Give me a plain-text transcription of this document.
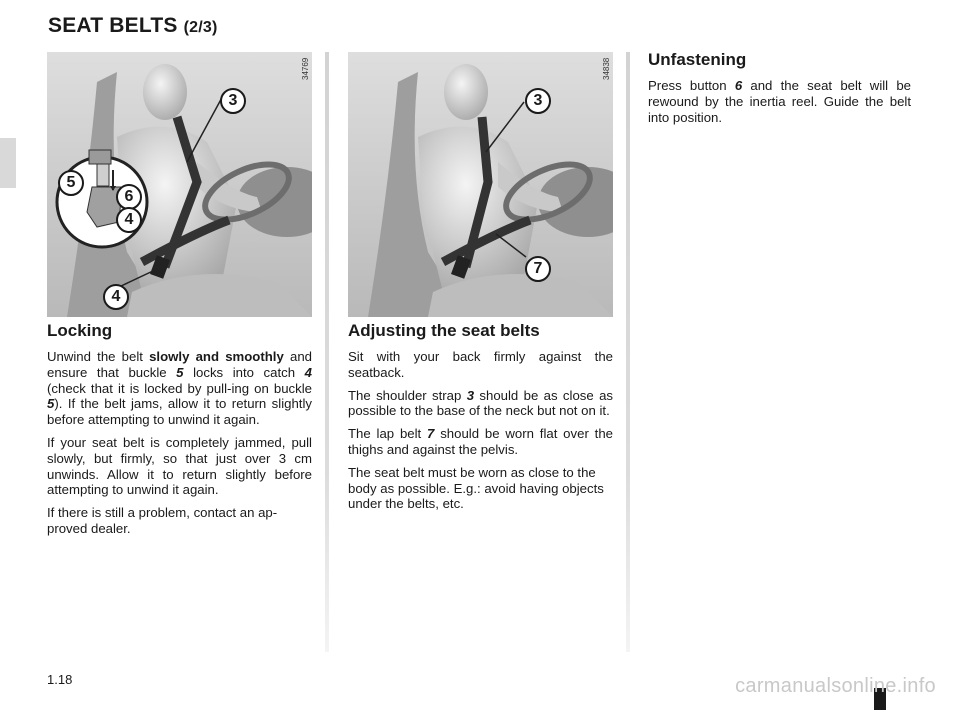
SEAT BELTS (2/3)
34769
3
5
6
4
4
34838
3
7
Locking

Unwind the belt slowly and smoothly and ensure that buckle 5 locks into catch 4 (check that it is locked by pull-ing on buckle 5). If the belt jams, allow it to return slightly before attempting to unwind it again.

If your seat belt is completely jammed, pull slowly, but firmly, so that just over 3 cm unwinds. Allow it to return slightly before attempting to unwind it again.

If there is still a problem, contact an ap-proved dealer.

Adjusting the seat belts

Sit with your back firmly against the seatback.

The shoulder strap 3 should be as close as possible to the base of the neck but not on it.

The lap belt 7 should be worn flat over the thighs and against the pelvis.

The seat belt must be worn as close to the body as possible. E.g.: avoid having objects under the belts, etc.

Unfastening

Press button 6 and the seat belt will be rewound by the inertia reel. Guide the belt into position.

1.18	carmanualsonline.info
